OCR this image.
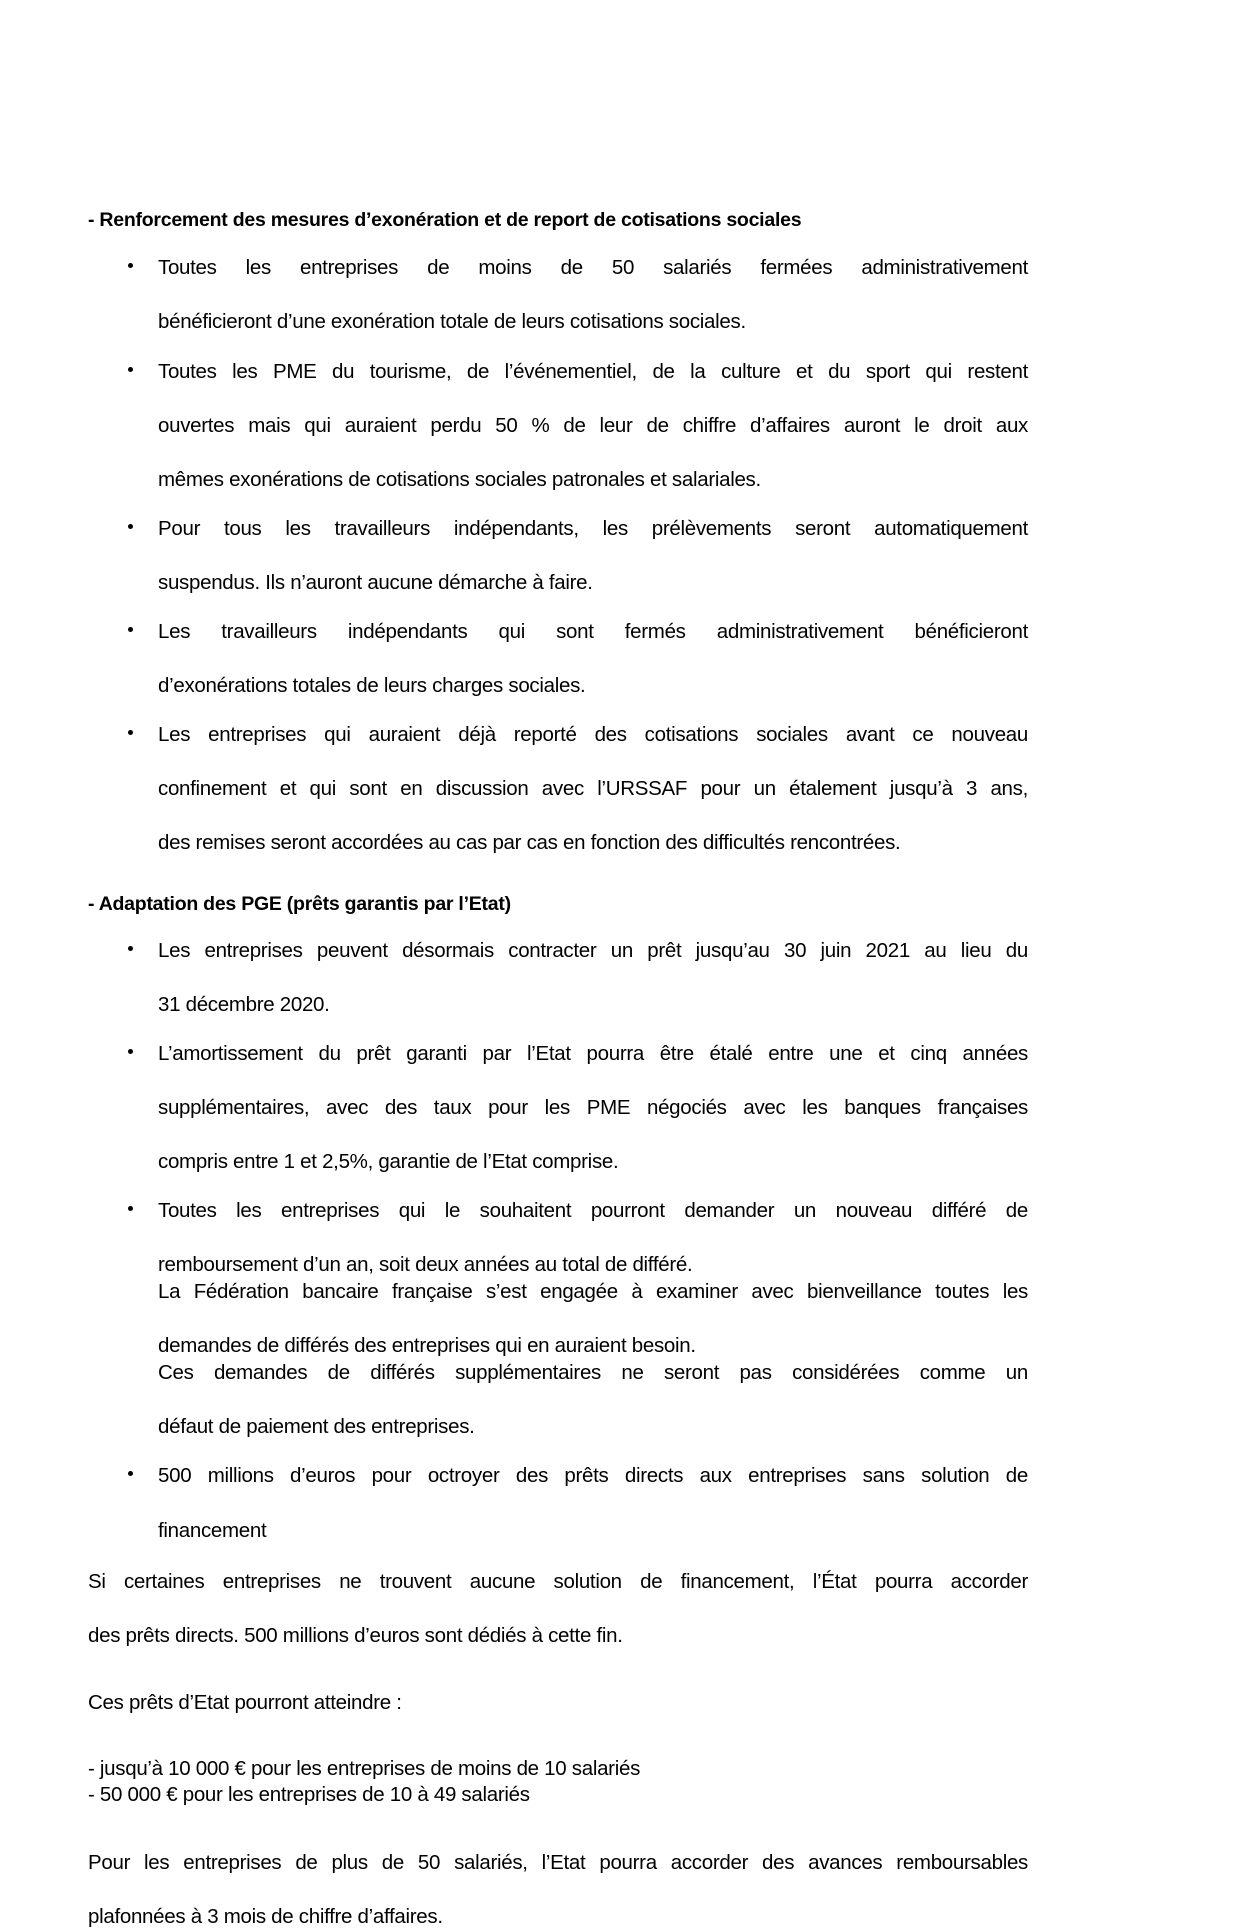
- Renforcement des mesures d’exonération et de report de cotisations sociales

Toutes les entreprises de moins de 50 salariés fermées administrativement

bénéficieront d’une exonération totale de leurs cotisations sociales.

Toutes les PME du tourisme, de l’événementiel, de la culture et du sport qui restent

ouvertes mais qui auraient perdu 50 % de leur de chiffre d’affaires auront le droit aux

mêmes exonérations de cotisations sociales patronales et salariales.

Pour tous les travailleurs indépendants, les prélèvements seront automatiquement

suspendus. Ils n’auront aucune démarche à faire.

Les travailleurs indépendants qui sont fermés administrativement bénéficieront

d’exonérations totales de leurs charges sociales.

Les entreprises qui auraient déjà reporté des cotisations sociales avant ce nouveau

confinement et qui sont en discussion avec l’URSSAF pour un étalement jusqu’à 3 ans,

des remises seront accordées au cas par cas en fonction des difficultés rencontrées.

- Adaptation des PGE (prêts garantis par l’Etat)

Les entreprises peuvent désormais contracter un prêt jusqu’au 30 juin 2021 au lieu du

31 décembre 2020.

L’amortissement du prêt garanti par l’Etat pourra être étalé entre une et cinq années

supplémentaires, avec des taux pour les PME négociés avec les banques françaises

compris entre 1 et 2,5%, garantie de l’Etat comprise.

Toutes les entreprises qui le souhaitent pourront demander un nouveau différé de

remboursement d’un an, soit deux années au total de différé.

La Fédération bancaire française s’est engagée à examiner avec bienveillance toutes les

demandes de différés des entreprises qui en auraient besoin.

Ces demandes de différés supplémentaires ne seront pas considérées comme un

défaut de paiement des entreprises.

500 millions d’euros pour octroyer des prêts directs aux entreprises sans solution de

financement

Si certaines entreprises ne trouvent aucune solution de financement, l’État pourra accorder

des prêts directs. 500 millions d’euros sont dédiés à cette fin.

Ces prêts d’Etat pourront atteindre :

- jusqu’à 10 000 € pour les entreprises de moins de 10 salariés

- 50 000 € pour les entreprises de 10 à 49 salariés

Pour les entreprises de plus de 50 salariés, l’Etat pourra accorder des avances remboursables

plafonnées à 3 mois de chiffre d’affaires.
